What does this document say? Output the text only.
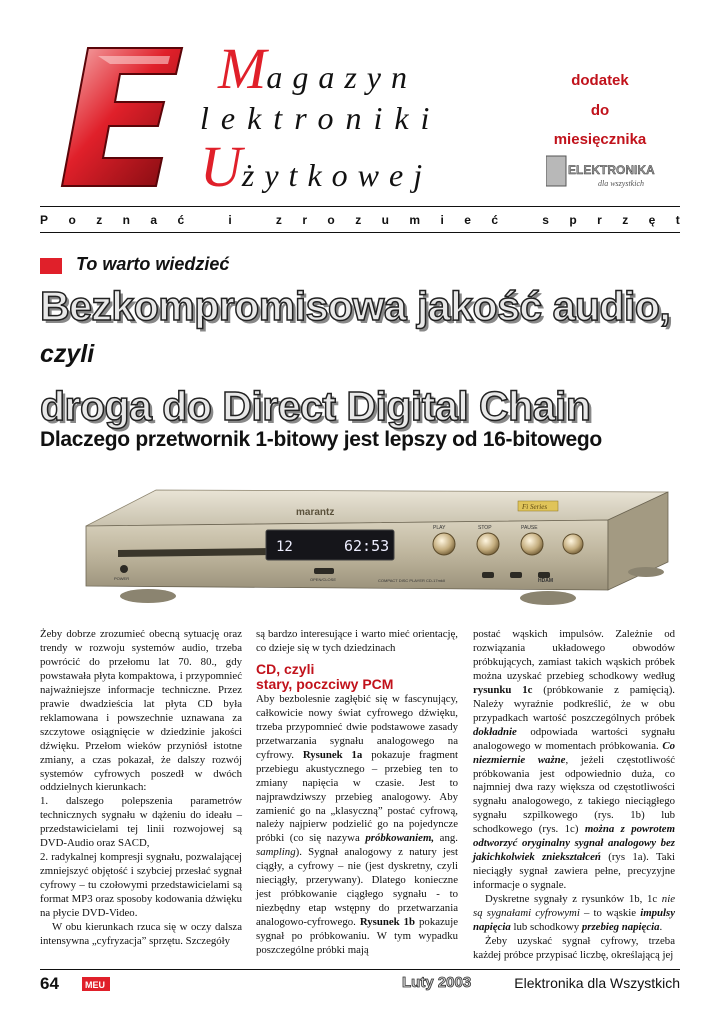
Magazyn
lektroniki
Użytkowej
dodatek
do
miesięcznika
ELEKTRONIKA
dla wszystkich
P o z n a ć
	i
	z r o z u m i e ć
	s p r z ę t
To warto wiedzieć
Bezkompromisowa jakość audio,
czyli
droga do Direct Digital Chain
Dlaczego przetwornik 1-bitowy jest lepszy od 16-bitowego
marantz	Fi Series
12	62:53
PLAY	STOP	PAUSE
POWER	OPEN/CLOSE	COMPACT DISC PLAYER CD-17mkII	HDAM

Żeby dobrze zrozumieć obecną sytuację oraz trendy w rozwoju systemów audio, trzeba powrócić do przełomu lat 70. 80., gdy powstawała płyta kompaktowa, i przypomnieć najważniejsze informacje techniczne. Przez prawie dwadzieścia lat płyta CD była reklamowana i powszechnie uznawana za szczytowe osiągnięcie w dziedzinie jakości dźwięku. Przełom wieków przyniósł istotne zmiany, a czas pokazał, że dalszy rozwój systemów cyfrowych poszedł w dwóch oddzielnych kierunkach:

1. dalszego polepszenia parametrów technicznych sygnału w dążeniu do ideału – przedstawicielami tej linii rozwojowej są DVD-Audio oraz SACD,

2. radykalnej kompresji sygnału, pozwalającej zmniejszyć objętość i szybciej przesłać sygnał cyfrowy – tu czołowymi przedstawicielami są format MP3 oraz sposoby kodowania dźwięku na płycie DVD-Video.

W obu kierunkach rzuca się w oczy dalsza intensywna „cyfryzacja” sprzętu. Szczegóły

są bardzo interesujące i warto mieć orientację, co dzieje się w tych dziedzinach

CD, czyli
stary, poczciwy PCM

Aby bezbolesnie zagłębić się w fascynujący, całkowicie nowy świat cyfrowego dźwięku, trzeba przypomnieć dwie podstawowe zasady przetwarzania sygnału analogowego na cyfrowy. Rysunek 1a pokazuje fragment przebiegu akustycznego – przebieg ten to zmiany napięcia w czasie. Jest to najprawdziwszy przebieg analogowy. Aby zamienić go na „klasyczną” postać cyfrową, należy najpierw podzielić go na pojedyncze próbki (co się nazywa próbkowaniem, ang. sampling). Sygnał analogowy z natury jest ciągły, a cyfrowy – nie (jest dyskretny, czyli nieciągły, przerywany). Dlatego konieczne jest próbkowanie ciągłego sygnału - to niezbędny etap wstępny do przetwarzania analogowo-cyfrowego. Rysunek 1b pokazuje sygnał po próbkowaniu. W tym wypadku poszczególne próbki mają

postać wąskich impulsów. Zależnie od rozwiązania układowego obwodów próbkujących, zamiast takich wąskich próbek można uzyskać przebieg schodkowy według rysunku 1c (próbkowanie z pamięcią). Należy wyraźnie podkreślić, że w obu przypadkach wartość poszczególnych próbek dokładnie odpowiada wartości sygnału analogowego w momentach próbkowania. Co niezmiernie ważne, jeżeli częstotliwość próbkowania jest odpowiednio duża, co najmniej dwa razy większa od częstotliwości sygnału analogowego, z takiego nieciągłego sygnału szpilkowego (rys. 1b) lub schodkowego (rys. 1c) można z powrotem odtworzyć oryginalny sygnał analogowy bez jakichkolwiek zniekształceń (rys 1a). Taki nieciągły sygnał zawiera pełne, precyzyjne informacje o sygnale.

Dyskretne sygnały z rysunków 1b, 1c nie są sygnałami cyfrowymi – to wąskie impulsy napięcia lub schodkowy przebieg napięcia.

Żeby uzyskać sygnał cyfrowy, trzeba każdej próbce przypisać liczbę, określającą jej

64	MEU	Luty 2003	Elektronika dla Wszystkich
